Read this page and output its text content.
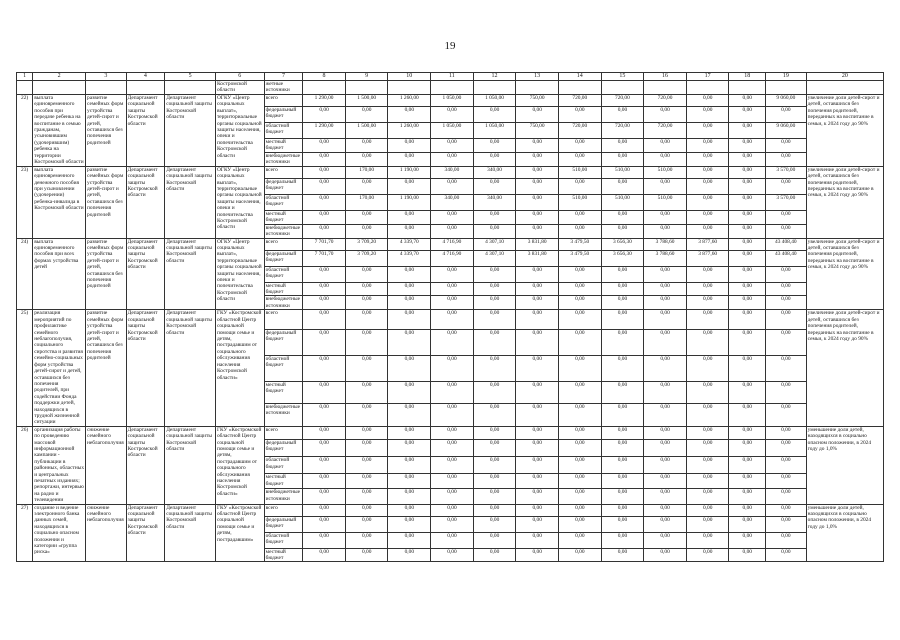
19
1	2	3	4	5	6	7	8	9	10	11	12	13	14	15	16	17	18	19	20
					Костромской области	жетные источники													
22)	выплата единовременного пособия при передаче ребенка на воспитание в семью гражданам, усыновившим (удочерившим) ребенка на территории Костромской области	развитие семейных форм устройства детей-сирот и детей, оставшихся без попечения родителей	Департамент социальной защиты Костромской области	Департамент социальной защиты Костромской области	ОГКУ «Центр социальных выплат», территориальные органы социальной защиты населения, опеки и попечительства Костромской области	всего	1 290,00	1 500,00	1 260,00	1 050,00	1 050,00	750,00	720,00	720,00	720,00	0,00	0,00	9 060,00	увеличение доли детей-сирот и детей, оставшихся без попечения родителей, переданных на воспитание в семьи, к 2024 году до 90%
						федеральный бюджет	0,00	0,00	0,00	0,00	0,00	0,00	0,00	0,00	0,00	0,00	0,00	0,00	
						областной бюджет	1 290,00	1 500,00	1 260,00	1 050,00	1 050,00	750,00	720,00	720,00	720,00	0,00	0,00	9 060,00	
						местный бюджет	0,00	0,00	0,00	0,00	0,00	0,00	0,00	0,00	0,00	0,00	0,00	0,00	
						внебюджетные источники	0,00	0,00	0,00	0,00	0,00	0,00	0,00	0,00	0,00	0,00	0,00	0,00	
23)	выплата единовременного денежного пособия при усыновлении (удочерении) ребенка-инвалида в Костромской области	развитие семейных форм устройства детей-сирот и детей, оставшихся без попечения родителей	Департамент социальной защиты Костромской области	Департамент социальной защиты Костромской области	ОГКУ «Центр социальных выплат», территориальные органы социальной защиты населения, опеки и попечительства Костромской области	всего	0,00	170,00	1 190,00	340,00	340,00	0,00	510,00	510,00	510,00	0,00	0,00	3 570,00	увеличение доли детей-сирот и детей, оставшихся без попечения родителей, переданных на воспитание в семьи, к 2024 году до 90%
						федеральный бюджет	0,00	0,00	0,00	0,00	0,00	0,00	0,00	0,00	0,00	0,00	0,00	0,00	
						областной бюджет	0,00	170,00	1 190,00	340,00	340,00	0,00	510,00	510,00	510,00	0,00	0,00	3 570,00	
						местный бюджет	0,00	0,00	0,00	0,00	0,00	0,00	0,00	0,00	0,00	0,00	0,00	0,00	
						внебюджетные источники	0,00	0,00	0,00	0,00	0,00	0,00	0,00	0,00	0,00	0,00	0,00	0,00	
24)	выплата единовременного пособия при всех формах устройства детей	развитие семейных форм устройства детей-сирот и детей, оставшихся без попечения родителей	Департамент социальной защиты Костромской области	Департамент социальной защиты Костромской области	ОГКУ «Центр социальных выплат», территориальные органы социальной защиты населения, опеки и попечительства Костромской области	всего	7 701,70	3 709,20	4 339,70	4 716,90	4 307,10	3 831,80	3 479,50	3 656,30	3 788,60	3 877,60	0,00	43 408,40	увеличение доли детей-сирот и детей, оставшихся без попечения родителей, переданных на воспитание в семьи, к 2024 году до 90%
						федеральный бюджет	7 701,70	3 709,20	4 339,70	4 716,90	4 307,10	3 831,80	3 479,50	3 656,30	3 788,60	3 877,60	0,00	43 408,40	
						областной бюджет	0,00	0,00	0,00	0,00	0,00	0,00	0,00	0,00	0,00	0,00	0,00	0,00	
						местный бюджет	0,00	0,00	0,00	0,00	0,00	0,00	0,00	0,00	0,00	0,00	0,00	0,00	
						внебюджетные источники	0,00	0,00	0,00	0,00	0,00	0,00	0,00	0,00	0,00	0,00	0,00	0,00	
25)	реализация мероприятий по профилактике семейного неблагополучия, социального сиротства и развития семейно-социальных форм устройства детей-сирот и детей, оставшихся без попечения родителей, при содействии Фонда поддержки детей, находящихся в трудной жизненной ситуации	развитие семейных форм устройства детей-сирот и детей, оставшихся без попечения родителей	Департамент социальной защиты Костромской области	Департамент социальной защиты Костромской области	ГКУ «Костромской областной Центр социальной помощи семье и детям, пострадавшим от социального обслуживания населения Костромской области»	всего	0,00	0,00	0,00	0,00	0,00	0,00	0,00	0,00	0,00	0,00	0,00	0,00	увеличение доли детей-сирот и детей, оставшихся без попечения родителей, переданных на воспитание в семьи, к 2024 году до 90%
						федеральный бюджет	0,00	0,00	0,00	0,00	0,00	0,00	0,00	0,00	0,00	0,00	0,00	0,00	
						областной бюджет	0,00	0,00	0,00	0,00	0,00	0,00	0,00	0,00	0,00	0,00	0,00	0,00	
						местный бюджет	0,00	0,00	0,00	0,00	0,00	0,00	0,00	0,00	0,00	0,00	0,00	0,00	
						внебюджетные источники	0,00	0,00	0,00	0,00	0,00	0,00	0,00	0,00	0,00	0,00	0,00	0,00	
26)	организация работы по проведению массовой информационной кампании - публикации в районных, областных и центральных печатных изданиях; репортажи, интервью на радио и телевидении	снижение семейного неблагополучия	Департамент социальной защиты Костромской области	Департамент социальной защиты Костромской области	ГКУ «Костромской областной Центр социальной помощи семье и детям, пострадавшим от социального обслуживания населения Костромской области»	всего	0,00	0,00	0,00	0,00	0,00	0,00	0,00	0,00	0,00	0,00	0,00	0,00	уменьшение доли детей, находящихся в социально опасном положении, в 2024 году до 1,0%
						федеральный бюджет	0,00	0,00	0,00	0,00	0,00	0,00	0,00	0,00	0,00	0,00	0,00	0,00	
						областной бюджет	0,00	0,00	0,00	0,00	0,00	0,00	0,00	0,00	0,00	0,00	0,00	0,00	
						местный бюджет	0,00	0,00	0,00	0,00	0,00	0,00	0,00	0,00	0,00	0,00	0,00	0,00	
						внебюджетные источники	0,00	0,00	0,00	0,00	0,00	0,00	0,00	0,00	0,00	0,00	0,00	0,00	
27)	создание и ведение электронного банка данных семей, находящихся в социально опасном положении и категории «группа риска»	снижение семейного неблагополучия	Департамент социальной защиты Костромской области	Департамент социальной защиты Костромской области	ГКУ «Костромской областной Центр социальной помощи семье и детям, пострадавшим»	всего	0,00	0,00	0,00	0,00	0,00	0,00	0,00	0,00	0,00	0,00	0,00	0,00	уменьшение доли детей, находящихся в социально опасном положении, в 2024 году до 1,0%
						федеральный бюджет	0,00	0,00	0,00	0,00	0,00	0,00	0,00	0,00	0,00	0,00	0,00	0,00	
						областной бюджет	0,00	0,00	0,00	0,00	0,00	0,00	0,00	0,00	0,00	0,00	0,00	0,00	
						местный бюджет	0,00	0,00	0,00	0,00	0,00	0,00	0,00	0,00	0,00	0,00	0,00	0,00	
